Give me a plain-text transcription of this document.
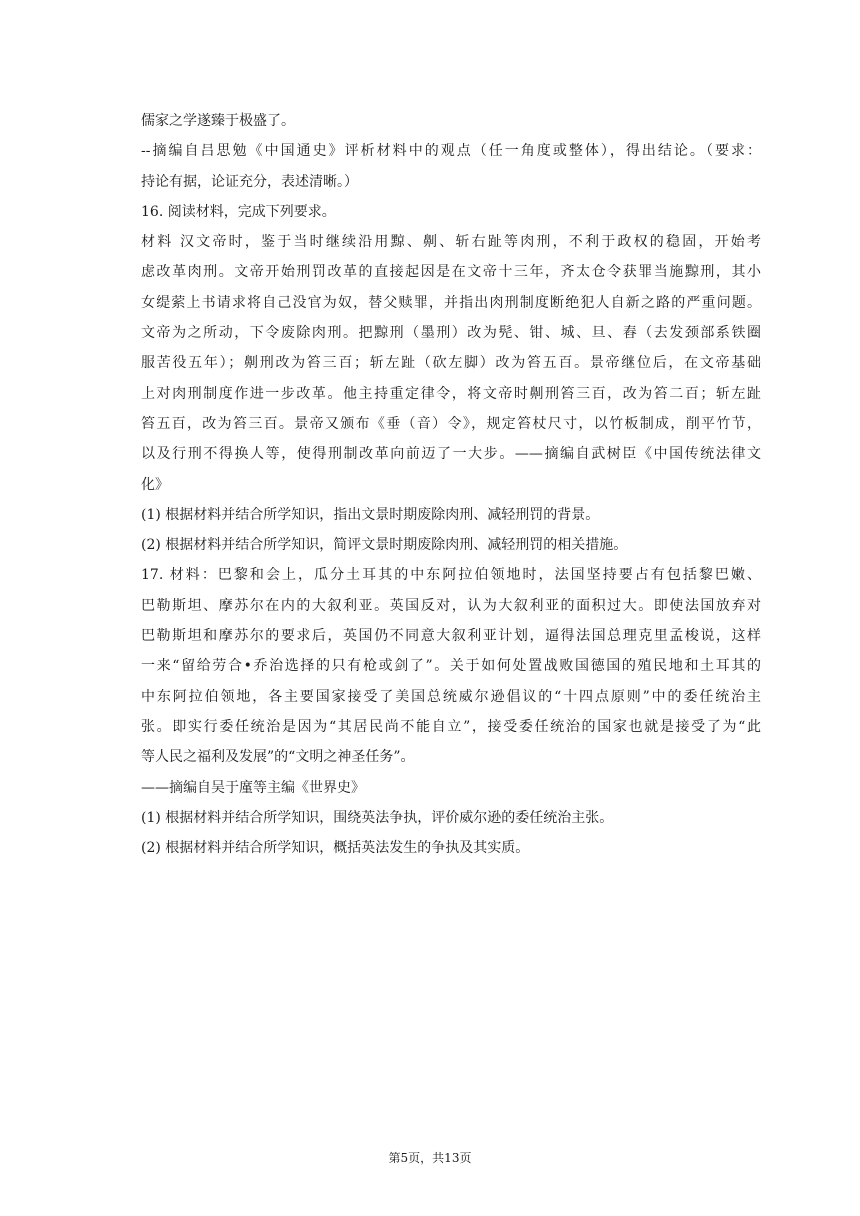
儒家之学遂臻于极盛了。
--摘编自吕思勉《中国通史》评析材料中的观点（任一角度或整体），得出结论。（要求：
持论有据，论证充分，表述清晰。）
16. 阅读材料，完成下列要求。
材料 汉文帝时，鉴于当时继续沿用黥、劓、斩右趾等肉刑，不利于政权的稳固，开始考
虑改革肉刑。文帝开始刑罚改革的直接起因是在文帝十三年，齐太仓令获罪当施黥刑，其小
女缇萦上书请求将自己没官为奴，替父赎罪，并指出肉刑制度断绝犯人自新之路的严重问题。
文帝为之所动，下令废除肉刑。把黥刑（墨刑）改为髡、钳、城、旦、舂（去发颈部系铁圈
服苦役五年）；劓刑改为笞三百；斩左趾（砍左脚）改为笞五百。景帝继位后，在文帝基础
上对肉刑制度作进一步改革。他主持重定律令，将文帝时劓刑笞三百，改为笞二百；斩左趾
笞五百，改为笞三百。景帝又颁布《垂（音）令》，规定笞杖尺寸，以竹板制成，削平竹节，
以及行刑不得换人等，使得刑制改革向前迈了一大步。——摘编自武树臣《中国传统法律文
化》
(1) 根据材料并结合所学知识，指出文景时期废除肉刑、减轻刑罚的背景。
(2) 根据材料并结合所学知识，简评文景时期废除肉刑、减轻刑罚的相关措施。
17. 材料：巴黎和会上，瓜分土耳其的中东阿拉伯领地时，法国坚持要占有包括黎巴嫩、
巴勒斯坦、摩苏尔在内的大叙利亚。英国反对，认为大叙利亚的面积过大。即使法国放弃对
巴勒斯坦和摩苏尔的要求后，英国仍不同意大叙利亚计划，逼得法国总理克里孟梭说，这样
一来“留给劳合•乔治选择的只有枪或剑了”。关于如何处置战败国德国的殖民地和土耳其的
中东阿拉伯领地，各主要国家接受了美国总统威尔逊倡议的“十四点原则”中的委任统治主
张。即实行委任统治是因为“其居民尚不能自立”，接受委任统治的国家也就是接受了为“此
等人民之福利及发展”的“文明之神圣任务”。
——摘编自吴于廑等主编《世界史》
(1) 根据材料并结合所学知识，围绕英法争执，评价威尔逊的委任统治主张。
(2) 根据材料并结合所学知识，概括英法发生的争执及其实质。
第5页，共13页
